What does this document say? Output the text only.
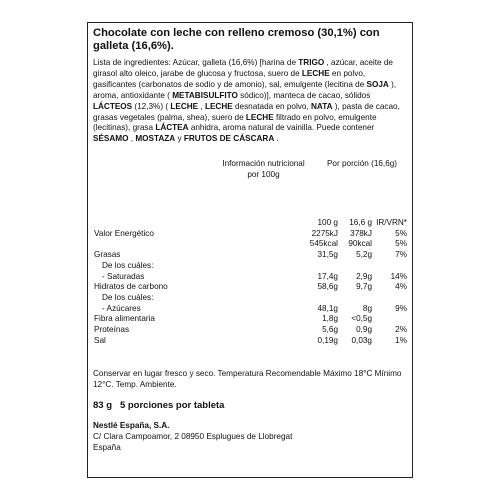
Chocolate con leche con relleno cremoso (30,1%) con galleta (16,6%).
Lista de ingredientes: Azúcar, galleta (16,6%) [harina de TRIGO , azúcar, aceite de girasol alto oleico, jarabe de glucosa y fructosa, suero de LECHE en polvo, gasificantes (carbonatos de sodio y de amonio), sal, emulgente (lecitina de SOJA ), aroma, antioxidante ( METABISULFITO sódico)], manteca de cacao, sólidos LÁCTEOS (12,3%) ( LECHE , LECHE desnatada en polvo, NATA ), pasta de cacao, grasas vegetales (palma, shea), suero de LECHE filtrado en polvo, emulgente (lecitinas), grasa LÁCTEA anhidra, aroma natural de vainilla. Puede contener SÉSAMO , MOSTAZA y FRUTOS DE CÁSCARA .
Información nutricional por 100g
Por porción (16,6g)
100 g 16,6 g IR/VRN*
Valor Energético	2275kJ 378kJ	5%
545kcal 90kcal	5%
Grasas	31,5g 5,2g	7%
De los cuáles:
- Saturadas	17,4g 2,9g 14%
Hidratos de carbono	58,6g 9,7g	4%
De los cuáles:
- Azúcares	48,1g	8g	9%
Fibra alimentaria	1,8g <0,5g
Proteínas	5,6g 0,9g	2%
Sal	0,19g 0,03g	1%
Conservar en lugar fresco y seco. Temperatura Recomendable Máximo 18°C Mínimo 12°C. Temp. Ambiente.
83 g 5 porciones por tableta
Nestlé España, S.A.
C/ Clara Campoamor, 2 08950 Esplugues de Llobregat
España
